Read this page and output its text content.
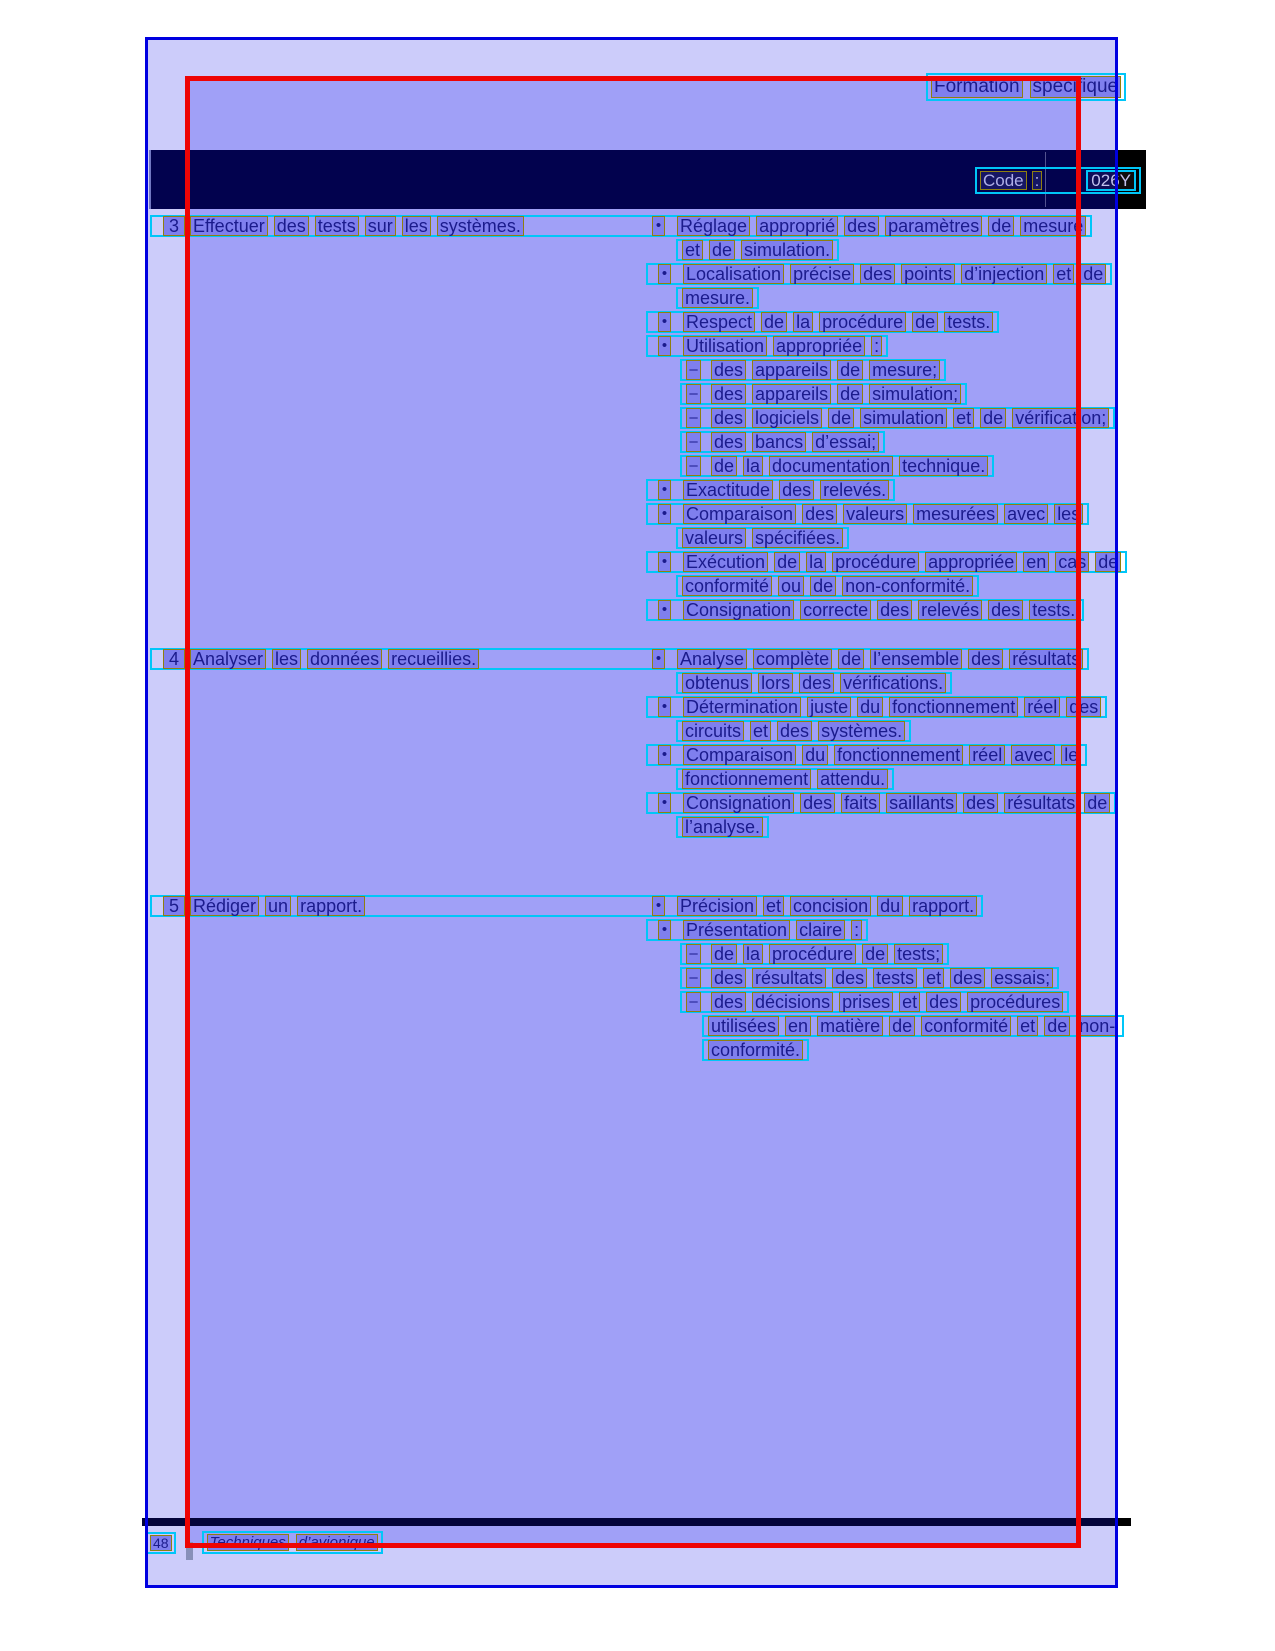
Formation spécifique
Code :	026Y
3 Effectuer des tests sur les systèmes.	• Réglage approprié des paramètres de mesure
et de simulation.
• Localisation précise des points d’injection et de
mesure.
• Respect de la procédure de tests.
• Utilisation appropriée :
– des appareils de mesure;
– des appareils de simulation;
– des logiciels de simulation et de vérification;
– des bancs d’essai;
– de la documentation technique.
• Exactitude des relevés.
• Comparaison des valeurs mesurées avec les
valeurs spécifiées.
• Exécution de la procédure appropriée en cas de
conformité ou de non-conformité.
• Consignation correcte des relevés des tests.
4 Analyser les données recueillies.	• Analyse complète de l’ensemble des résultats
obtenus lors des vérifications.
• Détermination juste du fonctionnement réel des
circuits et des systèmes.
• Comparaison du fonctionnement réel avec le
fonctionnement attendu.
• Consignation des faits saillants des résultats de
l’analyse.
5 Rédiger un rapport.	• Précision et concision du rapport.
• Présentation claire :
– de la procédure de tests;
– des résultats des tests et des essais;
– des décisions prises et des procédures
utilisées en matière de conformité et de non-
conformité.
48	Techniques d’avionique
